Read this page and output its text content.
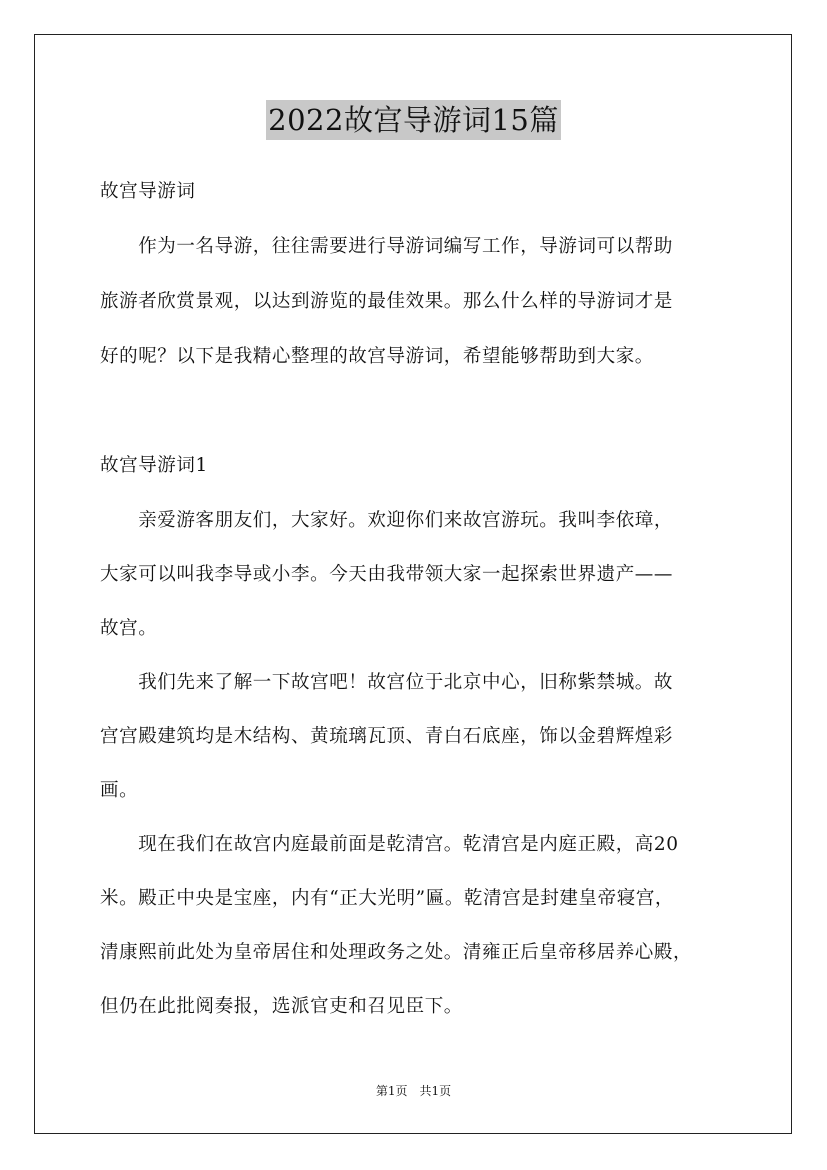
2022故宫导游词15篇
故宫导游词
　　作为一名导游，往往需要进行导游词编写工作，导游词可以帮助
旅游者欣赏景观，以达到游览的最佳效果。那么什么样的导游词才是
好的呢？以下是我精心整理的故宫导游词，希望能够帮助到大家。
故宫导游词1
　　亲爱游客朋友们，大家好。欢迎你们来故宫游玩。我叫李依璋，
大家可以叫我李导或小李。今天由我带领大家一起探索世界遗产——
故宫。
　　我们先来了解一下故宫吧！故宫位于北京中心，旧称紫禁城。故
宫宫殿建筑均是木结构、黄琉璃瓦顶、青白石底座，饰以金碧辉煌彩
画。
　　现在我们在故宫内庭最前面是乾清宫。乾清宫是内庭正殿，高20
米。殿正中央是宝座，内有“正大光明”匾。乾清宫是封建皇帝寝宫，
清康熙前此处为皇帝居住和处理政务之处。清雍正后皇帝移居养心殿，
但仍在此批阅奏报，选派官吏和召见臣下。
第1页　共1页
